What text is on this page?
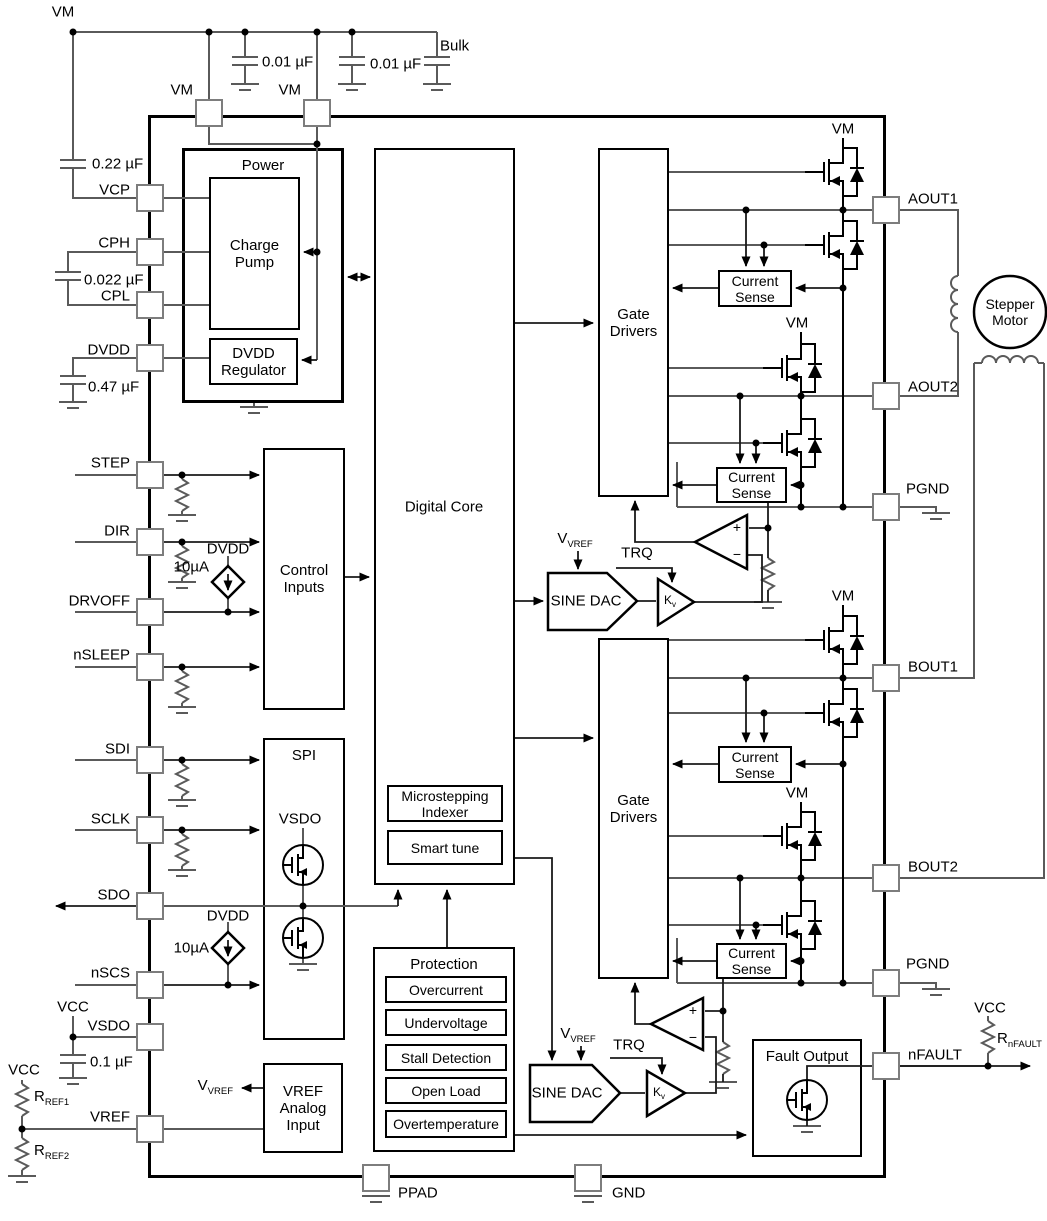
Charge Pump
DVDD Regulator
Control Inputs
Microstepping Indexer
Smart tune
Overcurrent
Undervoltage
Stall Detection
Open Load
Overtemperature
VREF Analog Input
Gate Drivers
Gate Drivers
Current Sense
Current Sense
Current Sense
Current Sense
VM
Bulk
0.01 µF	0.01 µF
VM	VM
0.22 µF
VCP
CPH
0.022 µF
CPL
DVDD
0.47 µF
STEP
DIR
DVDD
10µA
DRVOFF
nSLEEP
SDI
SCLK
SDO
DVDD
10µA
nSCS
VCC
VSDO
0.1 µF
VCC
$R_{REF1}$
VREF
$R_{REF2}$
$V_{VREF}$
Power
SPI
VSDO
Digital Core
Protection
Fault Output
$V_{VREF}$
SINE DAC
TRQ
$K_v$
+
−
$V_{VREF}$
SINE DAC
TRQ
$K_v$
+
−
VM
VM
VM
VM
AOUT1
AOUT2
PGND
BOUT1
BOUT2
PGND
nFAULT
VCC
$R_{nFAULT}$
Stepper Motor
PPAD	GND
